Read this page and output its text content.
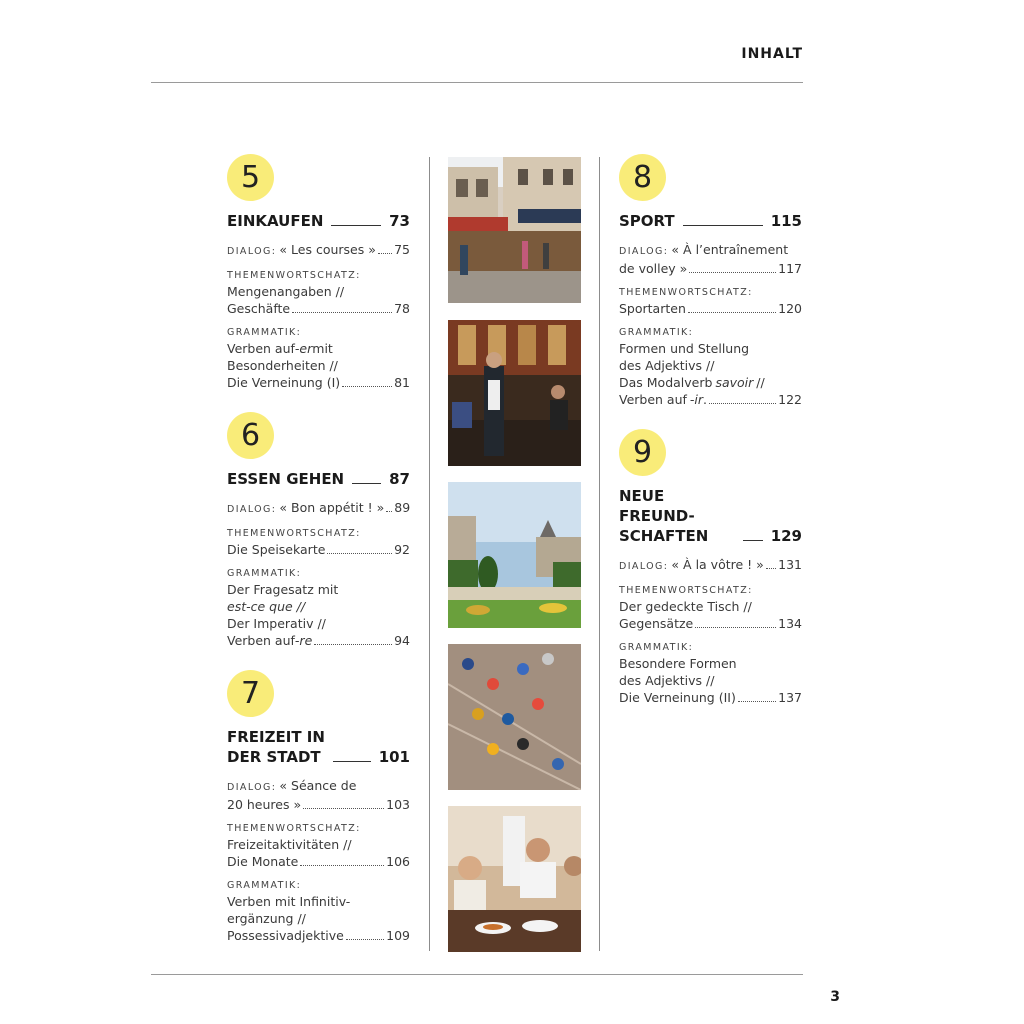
INHALT
5
EINKAUFEN	73
DIALOG: « Les courses » 75
THEMENWORTSCHATZ:
Mengenangaben //
Geschäfte	78
GRAMMATIK:
Verben auf -er mit
Besonderheiten //
Die Verneinung (I)	81
6
ESSEN GEHEN	87
DIALOG: « Bon appétit ! » 89
THEMENWORTSCHATZ:
Die Speisekarte	92
GRAMMATIK:
Der Fragesatz mit
est-ce que //
Der Imperativ //
Verben auf -re	94
7
FREIZEIT IN
DER STADT	101
DIALOG: « Séance de
20 heures »	103
THEMENWORTSCHATZ:
Freizeitaktivitäten //
Die Monate	106
GRAMMATIK:
Verben mit Infinitiv-
ergänzung //
Possessivadjektive	109
8
SPORT	115
DIALOG: « À l’entraînement
de volley »	117
THEMENWORTSCHATZ:
Sportarten	120
GRAMMATIK:
Formen und Stellung
des Adjektivs //
Das Modalverb savoir //
Verben auf -ir .	122
9
NEUE FREUND-
SCHAFTEN	129
DIALOG: « À la vôtre ! » 131
THEMENWORTSCHATZ:
Der gedeckte Tisch //
Gegensätze	134
GRAMMATIK:
Besondere Formen
des Adjektivs //
Die Verneinung (II)	137
3
